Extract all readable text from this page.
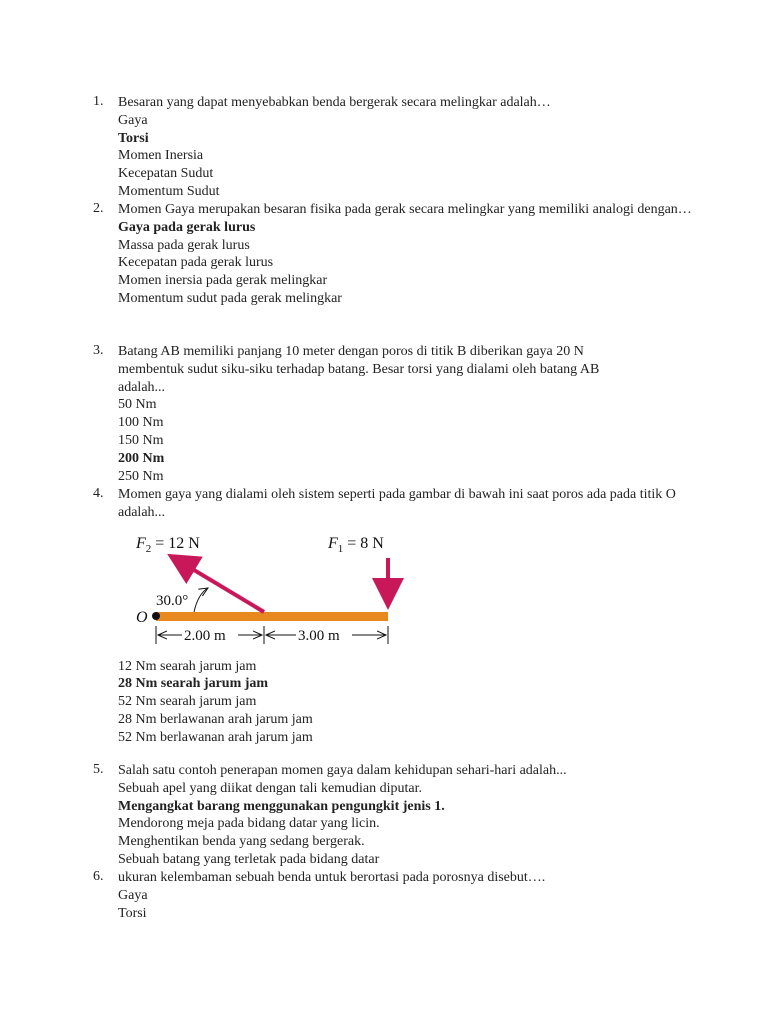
1.	Besaran yang dapat menyebabkan benda bergerak secara melingkar adalah…
Gaya
Torsi
Momen Inersia
Kecepatan Sudut
Momentum Sudut
2.	Momen Gaya merupakan besaran fisika pada gerak secara melingkar yang memiliki analogi dengan…
Gaya pada gerak lurus
Massa pada gerak lurus
Kecepatan pada gerak lurus
Momen inersia pada gerak melingkar
Momentum sudut pada gerak melingkar
3.	Batang AB memiliki panjang 10 meter dengan poros di titik B diberikan gaya 20 N membentuk sudut siku-siku terhadap batang. Besar torsi yang dialami oleh batang AB adalah...
50 Nm
100 Nm
150 Nm
200 Nm
250 Nm
4.	Momen gaya yang dialami oleh sistem seperti pada gambar di bawah ini saat poros ada pada titik O adalah...
$F_2 = 12$ N	$F_1 = 8$ N
O
30.0°
2.00 m	3.00 m
12 Nm searah jarum jam
28 Nm searah jarum jam
52 Nm searah jarum jam
28 Nm berlawanan arah jarum jam
52 Nm berlawanan arah jarum jam
5.	Salah satu contoh penerapan momen gaya dalam kehidupan sehari-hari adalah...
Sebuah apel yang diikat dengan tali kemudian diputar.
Mengangkat barang menggunakan pengungkit jenis 1.
Mendorong meja pada bidang datar yang licin.
Menghentikan benda yang sedang bergerak.
Sebuah batang yang terletak pada bidang datar
6.	ukuran kelembaman sebuah benda untuk berortasi pada porosnya disebut….
Gaya
Torsi
